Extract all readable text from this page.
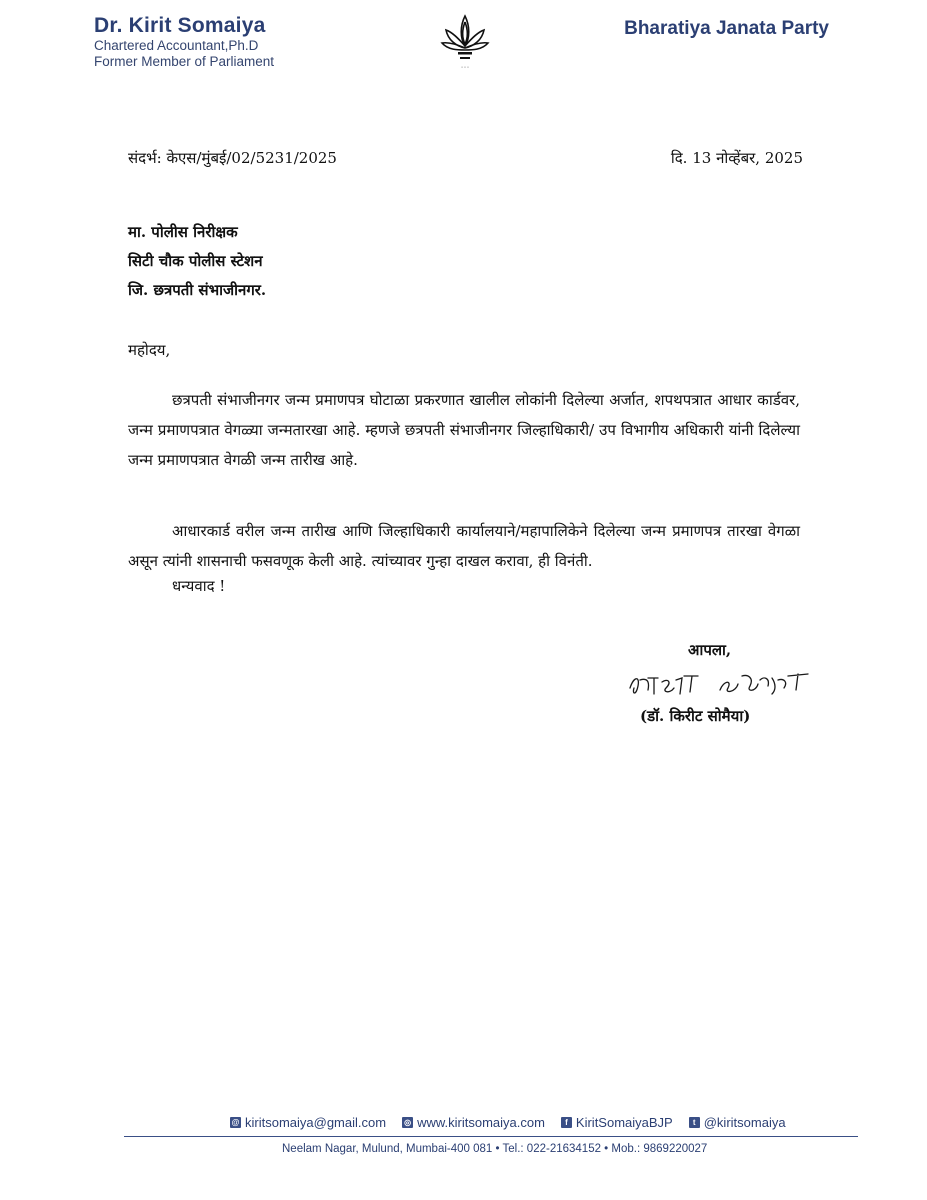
Dr. Kirit Somaiya
Chartered Accountant,Ph.D
Former Member of Parliament	◦◦◦
Bharatiya Janata Party
संदर्भ: केएस/मुंबई/02/5231/2025	दि. 13 नोव्हेंबर, 2025
मा. पोलीस निरीक्षक
सिटी चौक पोलीस स्टेशन
जि. छत्रपती संभाजीनगर.
महोदय,

छत्रपती संभाजीनगर जन्म प्रमाणपत्र घोटाळा प्रकरणात खालील लोकांनी दिलेल्या अर्जात, शपथपत्रात आधार कार्डवर, जन्म प्रमाणपत्रात वेगळ्या जन्मतारखा आहे. म्हणजे छत्रपती संभाजीनगर जिल्हाधिकारी/ उप विभागीय अधिकारी यांनी दिलेल्या जन्म प्रमाणपत्रात वेगळी जन्म तारीख आहे.

आधारकार्ड वरील जन्म तारीख आणि जिल्हाधिकारी कार्यालयाने/महापालिकेने दिलेल्या जन्म प्रमाणपत्र तारखा वेगळा असून त्यांनी शासनाची फसवणूक केली आहे. त्यांच्यावर गुन्हा दाखल करावा, ही विनंती.

धन्यवाद !
आपला,
(डॉ. किरीट सोमैया)
@ kiritsomaiya@gmail.com ◎ www.kiritsomaiya.com	f KiritSomaiyaBJP	t @kiritsomaiya
Neelam Nagar, Mulund, Mumbai-400 081 • Tel.: 022-21634152 • Mob.: 9869220027
